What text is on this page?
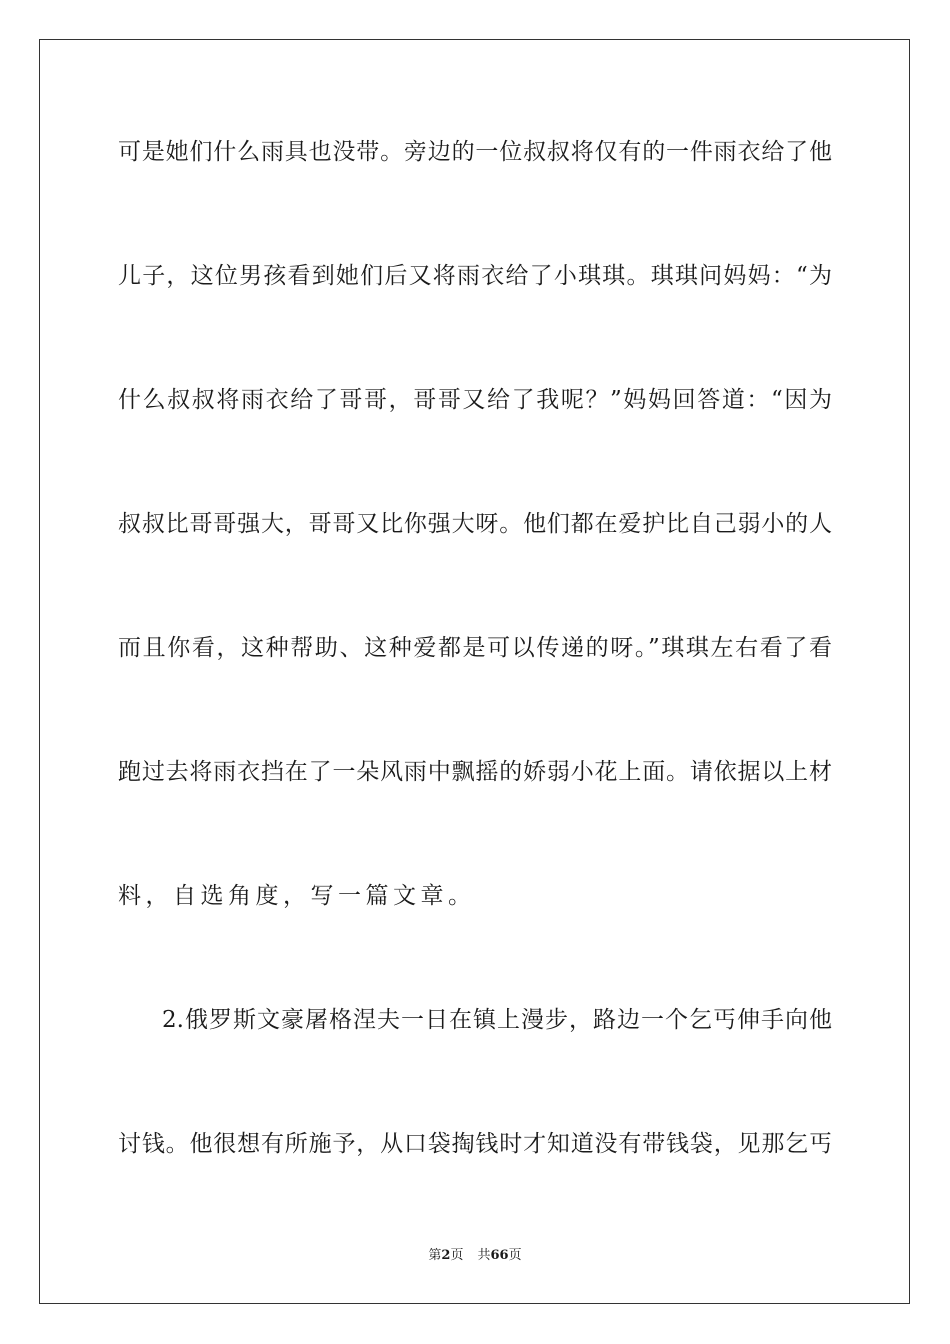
可是她们什么雨具也没带。旁边的一位叔叔将仅有的一件雨衣给了他
儿子，这位男孩看到她们后又将雨衣给了小琪琪。琪琪问妈妈：“为
什么叔叔将雨衣给了哥哥，哥哥又给了我呢？”妈妈回答道：“因为
叔叔比哥哥强大，哥哥又比你强大呀。他们都在爱护比自己弱小的人
而且你看，这种帮助、这种爱都是可以传递的呀。”琪琪左右看了看
跑过去将雨衣挡在了一朵风雨中飘摇的娇弱小花上面。请依据以上材
料，自选角度，写一篇文章。
2.俄罗斯文豪屠格涅夫一日在镇上漫步，路边一个乞丐伸手向他
讨钱。他很想有所施予，从口袋掏钱时才知道没有带钱袋，见那乞丐
第2页 共66页
